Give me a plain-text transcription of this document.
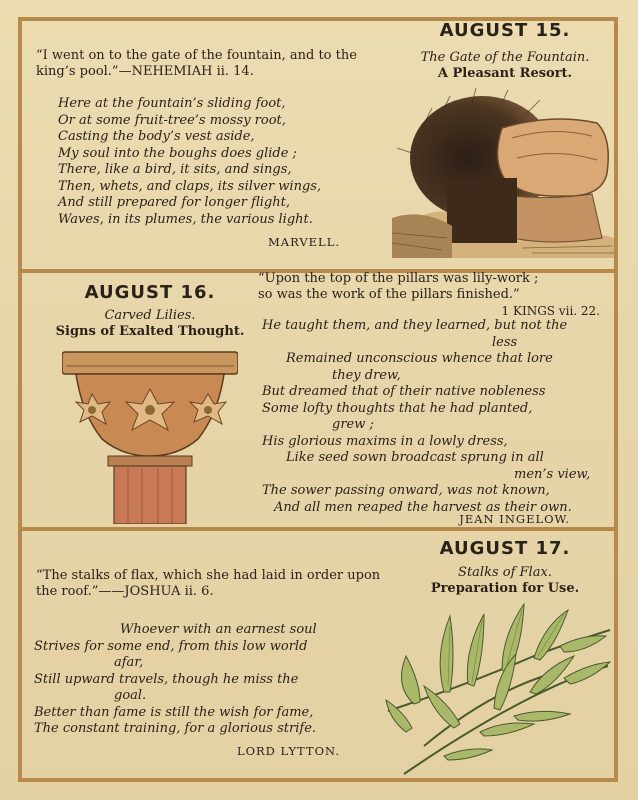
AUGUST 15.
The Gate of the Fountain.
A Pleasant Resort.
“I went on to the gate of the fountain, and to the king’s pool.”—NEHEMIAH ii. 14.
Here at the fountain’s sliding foot,
Or at some fruit-tree’s mossy root,
Casting the body’s vest aside,
My soul into the boughs does glide ;
There, like a bird, it sits, and sings,
Then, whets, and claps, its silver wings,
And still prepared for longer flight,
Waves, in its plumes, the various light.
MARVELL.
AUGUST 16.
Carved Lilies.
Signs of Exalted Thought.
“Upon the top of the pillars was lily-work ;
so was the work of the pillars finished.”
1 KINGS vii. 22.
He taught them, and they learned, but not the
less
Remained unconscious whence that lore
they drew,
But dreamed that of their native nobleness
Some lofty thoughts that he had planted,
grew ;
His glorious maxims in a lowly dress,
Like seed sown broadcast sprung in all
men’s view,
The sower passing onward, was not known,
And all men reaped the harvest as their own.
JEAN INGELOW.
AUGUST 17.
Stalks of Flax.
Preparation for Use.
“The stalks of flax, which she had laid in order upon the roof.”——JOSHUA ii. 6.
Whoever with an earnest soul
Strives for some end, from this low world
afar,
Still upward travels, though he miss the
goal.
Better than fame is still the wish for fame,
The constant training, for a glorious strife.
LORD LYTTON.
